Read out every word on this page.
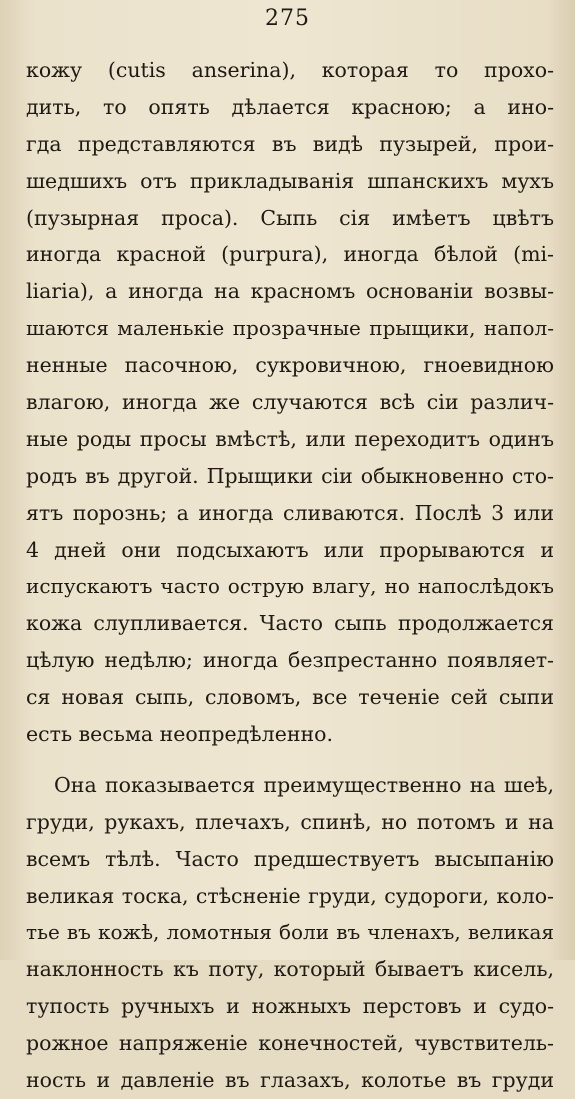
275
кожу (cutis anserina), которая то прохо-
дить, то опять дѣлается красною; а ино-
гда представляются въ видѣ пузырей, прои-
шедшихъ отъ прикладыванія шпанскихъ мухъ
(пузырная проса). Сыпь сія имѣетъ цвѣтъ
иногда красной (purpura), иногда бѣлой (mi-
liaria), а иногда на красномъ основаніи возвы-
шаются маленькіе прозрачные прыщики, напол-
ненные пасочною, сукровичною, гноевидною
влагою, иногда же случаются всѣ сіи различ-
ные роды просы вмѣстѣ, или переходитъ одинъ
родъ въ другой. Прыщики сіи обыкновенно сто-
ятъ порознь; а иногда сливаются. Послѣ 3 или
4 дней они подсыхаютъ или прорываются и
испускаютъ часто острую влагу, но напослѣдокъ
кожа слупливается. Часто сыпь продолжается
цѣлую недѣлю; иногда безпрестанно появляет-
ся новая сыпь, словомъ, все теченіе сей сыпи
есть весьма неопредѣленно.
Она показывается преимущественно на шеѣ,
груди, рукахъ, плечахъ, спинѣ, но потомъ и на
всемъ тѣлѣ. Часто предшествуетъ высыпанію
великая тоска, стѣсненіе груди, судороги, коло-
тье въ кожѣ, ломотныя боли въ членахъ, великая
наклонность къ поту, который бываетъ кисель,
тупость ручныхъ и ножныхъ перстовъ и судо-
рожное напряженіе конечностей, чувствитель-
ность и давленіе въ глазахъ, колотье въ груди
